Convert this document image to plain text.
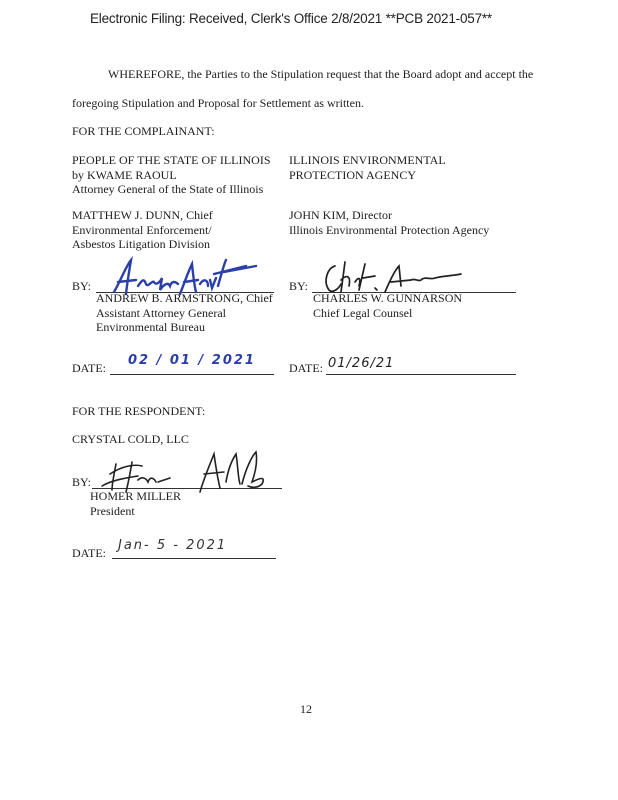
Electronic Filing: Received, Clerk's Office 2/8/2021 **PCB 2021-057**
WHEREFORE, the Parties to the Stipulation request that the Board adopt and accept the
foregoing Stipulation and Proposal for Settlement as written.
FOR THE COMPLAINANT:
PEOPLE OF THE STATE OF ILLINOIS
by KWAME RAOUL
Attorney General of the State of Illinois
MATTHEW J. DUNN, Chief
Environmental Enforcement/
Asbestos Litigation Division
BY:
ANDREW B. ARMSTRONG, Chief
Assistant Attorney General
Environmental Bureau
DATE: 02 / 01 / 2021
ILLINOIS ENVIRONMENTAL
PROTECTION AGENCY
JOHN KIM, Director
Illinois Environmental Protection Agency
BY:
CHARLES W. GUNNARSON
Chief Legal Counsel
DATE: 01/26/21
FOR THE RESPONDENT:
CRYSTAL COLD, LLC
BY:
HOMER MILLER
President
DATE: Jan- 5 - 2021
12
